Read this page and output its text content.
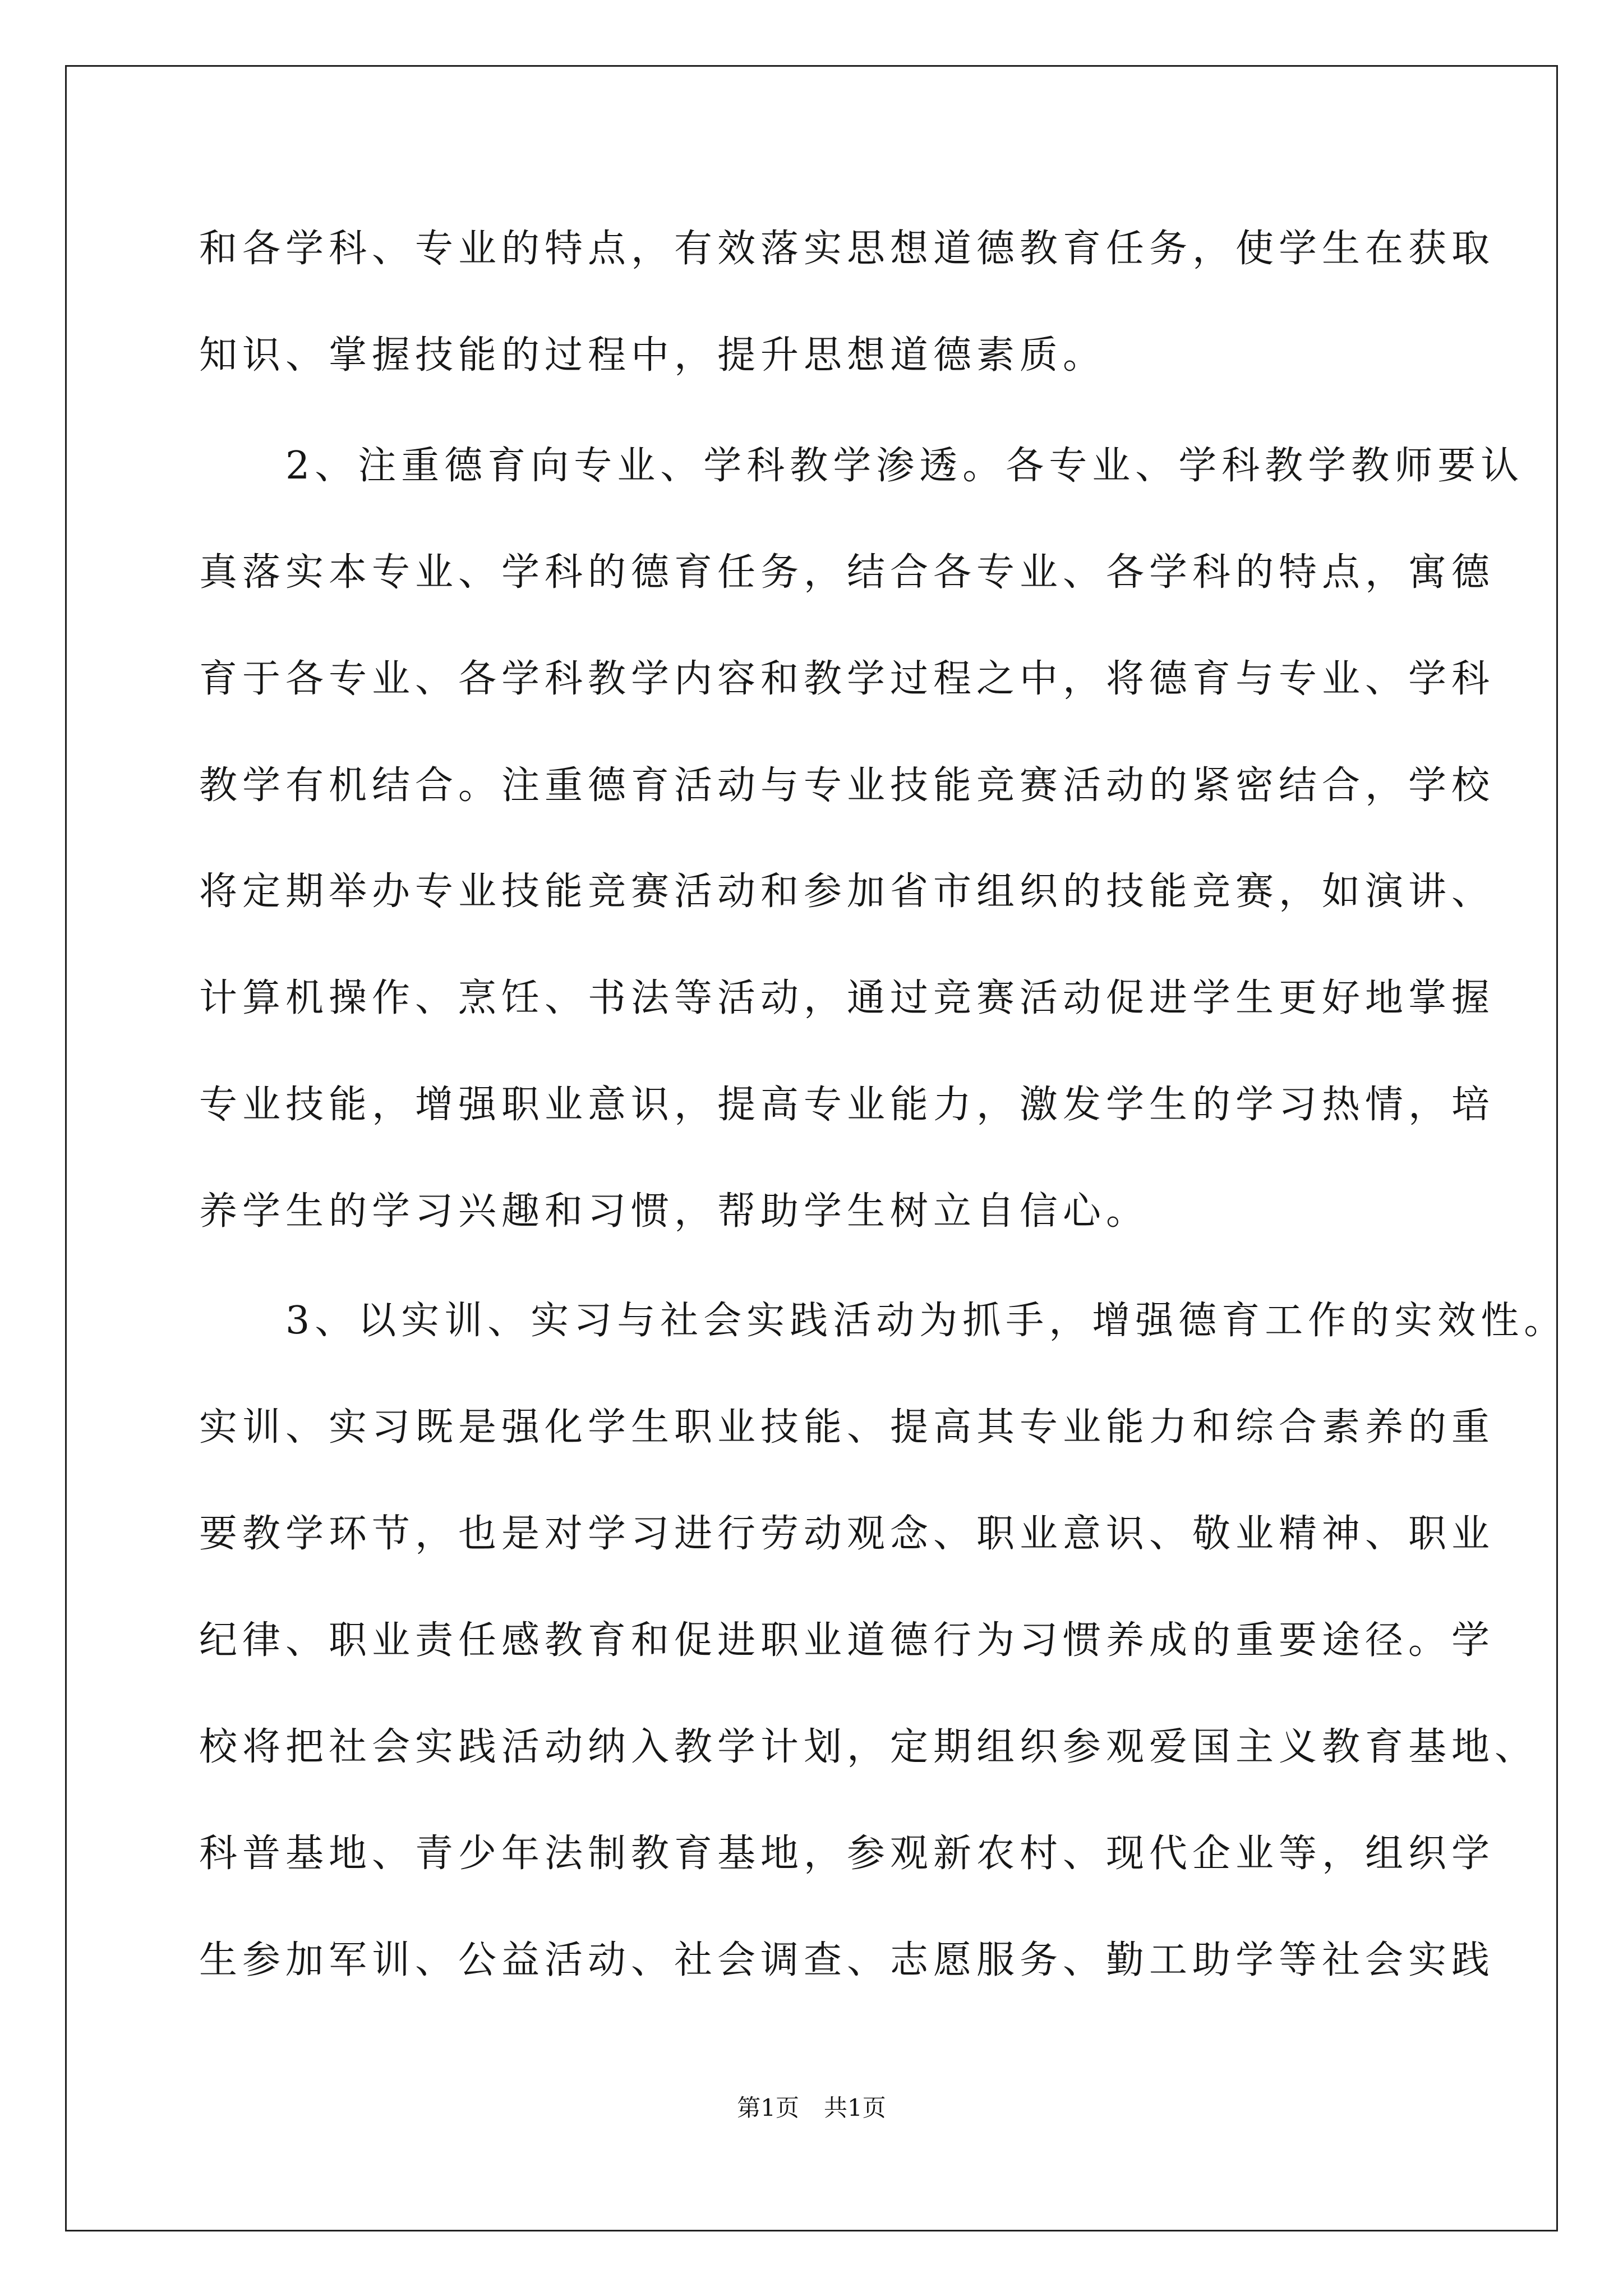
和各学科、专业的特点，有效落实思想道德教育任务，使学生在获取
知识、掌握技能的过程中，提升思想道德素质。
　　2、注重德育向专业、学科教学渗透。各专业、学科教学教师要认
真落实本专业、学科的德育任务，结合各专业、各学科的特点，寓德
育于各专业、各学科教学内容和教学过程之中，将德育与专业、学科
教学有机结合。注重德育活动与专业技能竞赛活动的紧密结合，学校
将定期举办专业技能竞赛活动和参加省市组织的技能竞赛，如演讲、
计算机操作、烹饪、书法等活动，通过竞赛活动促进学生更好地掌握
专业技能，增强职业意识，提高专业能力，激发学生的学习热情，培
养学生的学习兴趣和习惯，帮助学生树立自信心。
　　3、以实训、实习与社会实践活动为抓手，增强德育工作的实效性。
实训、实习既是强化学生职业技能、提高其专业能力和综合素养的重
要教学环节，也是对学习进行劳动观念、职业意识、敬业精神、职业
纪律、职业责任感教育和促进职业道德行为习惯养成的重要途径。学
校将把社会实践活动纳入教学计划，定期组织参观爱国主义教育基地、
科普基地、青少年法制教育基地，参观新农村、现代企业等，组织学
生参加军训、公益活动、社会调查、志愿服务、勤工助学等社会实践
第1页 共1页
